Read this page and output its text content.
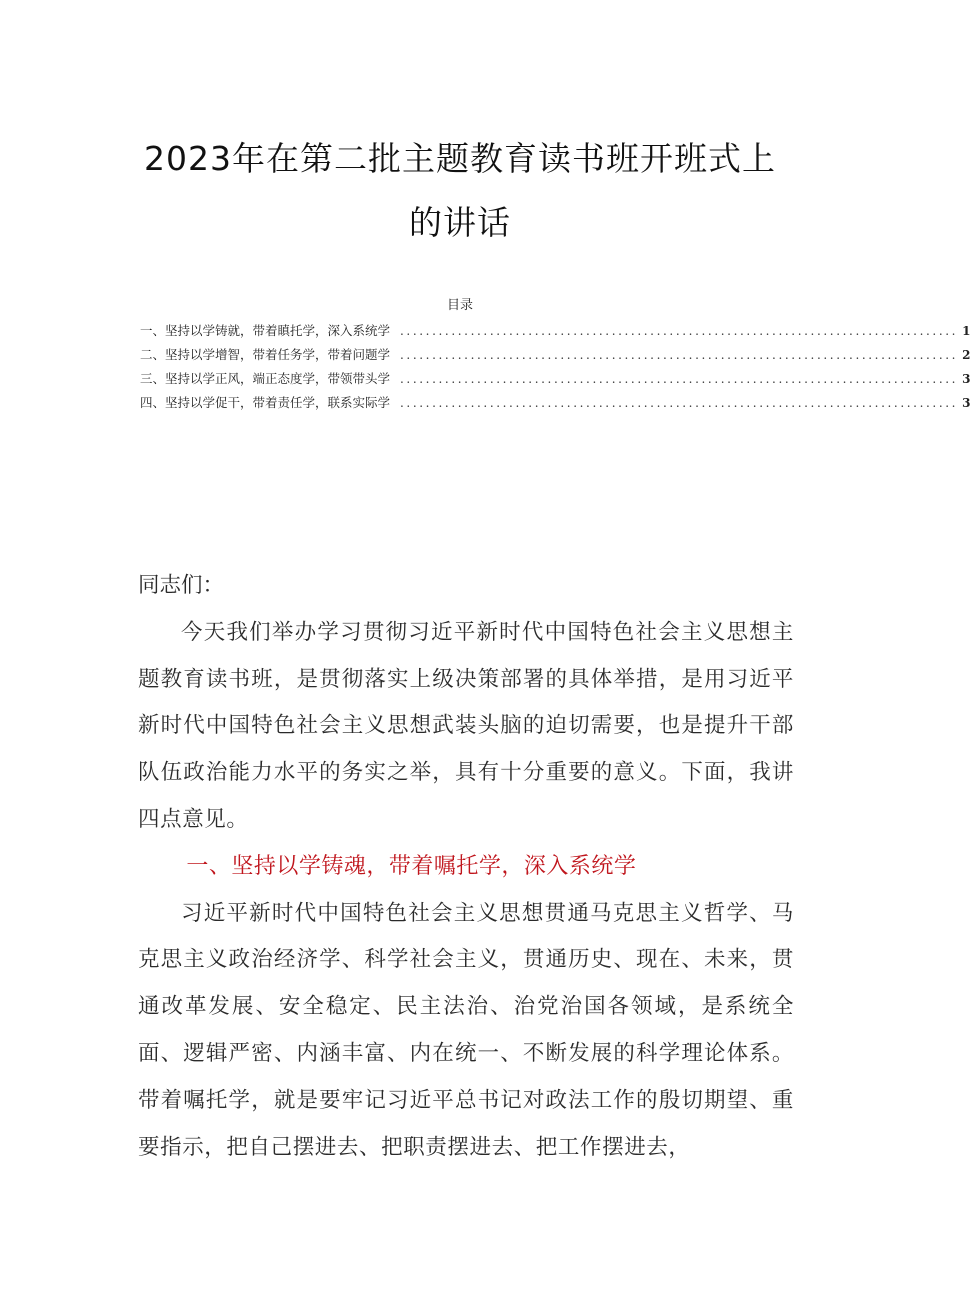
2023年在第二批主题教育读书班开班式上
的讲话
目录
一、坚持以学铸就，带着瞋托学，深入系统学 ....................................................................................... 1
二、坚持以学增智，带着任务学，带着问题学 ....................................................................................... 2
三、坚持以学正风，端正态度学，带领带头学 ....................................................................................... 3
四、坚持以学促干，带着责任学，联系实际学 ....................................................................................... 3

同志们：

今天我们举办学习贯彻习近平新时代中国特色社会主义思想主题教育读书班，是贯彻落实上级决策部署的具体举措，是用习近平新时代中国特色社会主义思想武装头脑的迫切需要，也是提升干部队伍政治能力水平的务实之举，具有十分重要的意义。下面，我讲四点意见。

一、坚持以学铸魂，带着嘱托学，深入系统学

习近平新时代中国特色社会主义思想贯通马克思主义哲学、马克思主义政治经济学、科学社会主义，贯通历史、现在、未来，贯通改革发展、安全稳定、民主法治、治党治国各领域，是系统全面、逻辑严密、内涵丰富、内在统一、不断发展的科学理论体系。带着嘱托学，就是要牢记习近平总书记对政法工作的殷切期望、重要指示，把自己摆进去、把职责摆进去、把工作摆进去，
